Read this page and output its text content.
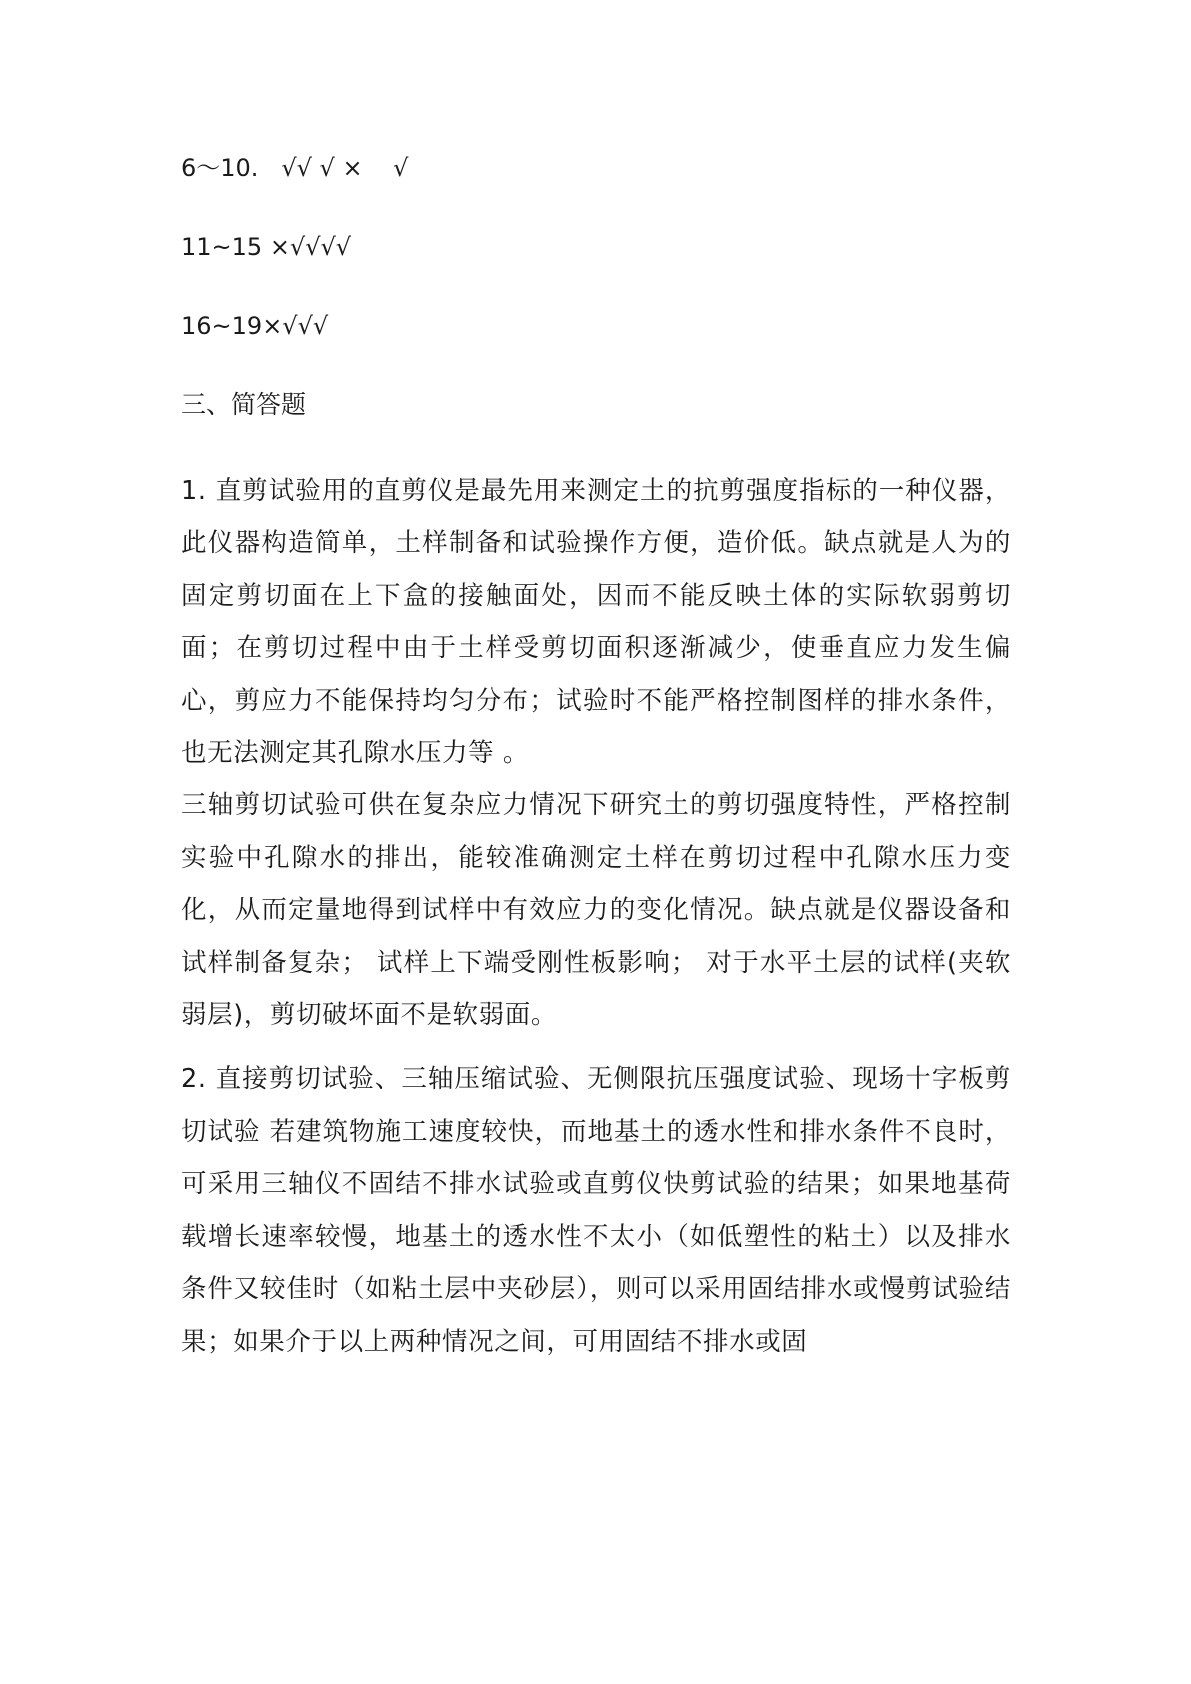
6～10.   √√ √ ×    √

11~15 ×√√√√

16~19×√√√

三、简答题

1. 直剪试验用的直剪仪是最先用来测定土的抗剪强度指标的一种仪器，此仪器构造简单，土样制备和试验操作方便，造价低。缺点就是人为的固定剪切面在上下盒的接触面处，因而不能反映土体的实际软弱剪切面；在剪切过程中由于土样受剪切面积逐渐减少，使垂直应力发生偏心，剪应力不能保持均匀分布；试验时不能严格控制图样的排水条件，也无法测定其孔隙水压力等 。

三轴剪切试验可供在复杂应力情况下研究土的剪切强度特性，严格控制实验中孔隙水的排出，能较准确测定土样在剪切过程中孔隙水压力变化，从而定量地得到试样中有效应力的变化情况。缺点就是仪器设备和试样制备复杂； 试样上下端受刚性板影响； 对于水平土层的试样(夹软弱层)，剪切破坏面不是软弱面。

2. 直接剪切试验、三轴压缩试验、无侧限抗压强度试验、现场十字板剪切试验 若建筑物施工速度较快，而地基土的透水性和排水条件不良时，可采用三轴仪不固结不排水试验或直剪仪快剪试验的结果；如果地基荷载增长速率较慢，地基土的透水性不太小（如低塑性的粘土）以及排水条件又较佳时（如粘土层中夹砂层），则可以采用固结排水或慢剪试验结果；如果介于以上两种情况之间，可用固结不排水或固
